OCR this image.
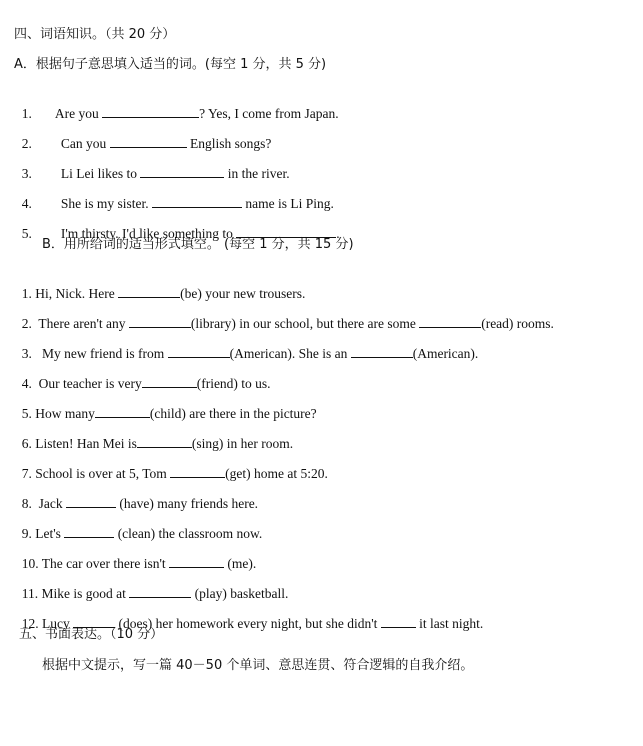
四、词语知识。（共 20 分）
A．根据句子意思填入适当的词。(每空 1 分，共 5 分)

1. Are you	? Yes, I come from Japan.

2. Can you	English songs?

3. Li Lei likes to	in the river.

4. She is my sister.	name is Li Ping.

5. I'm thirsty. I'd like something to	.

B．用所给词的适当形式填空。 (每空 1 分，共 15 分)

1. Hi, Nick. Here	(be) your new trousers.

2.  There aren't any	(library) in our school, but there are some	(read) rooms.

3.   My new friend is from	(American). She is an	(American).

4.  Our teacher is very	(friend) to us.

5. How many	(child) are there in the picture?

6. Listen! Han Mei is	(sing) in her room.

7. School is over at 5, Tom	(get) home at 5:20.

8.  Jack	(have) many friends here.

9. Let's	(clean) the classroom now.

10. The car over there isn't	(me).

11. Mike is good at	(play) basketball.

12. Lucy	(does) her homework every night, but she didn't	it last night.

五、书面表达。（10 分）
根据中文提示，写一篇 40－50 个单词、意思连贯、符合逻辑的自我介绍。
